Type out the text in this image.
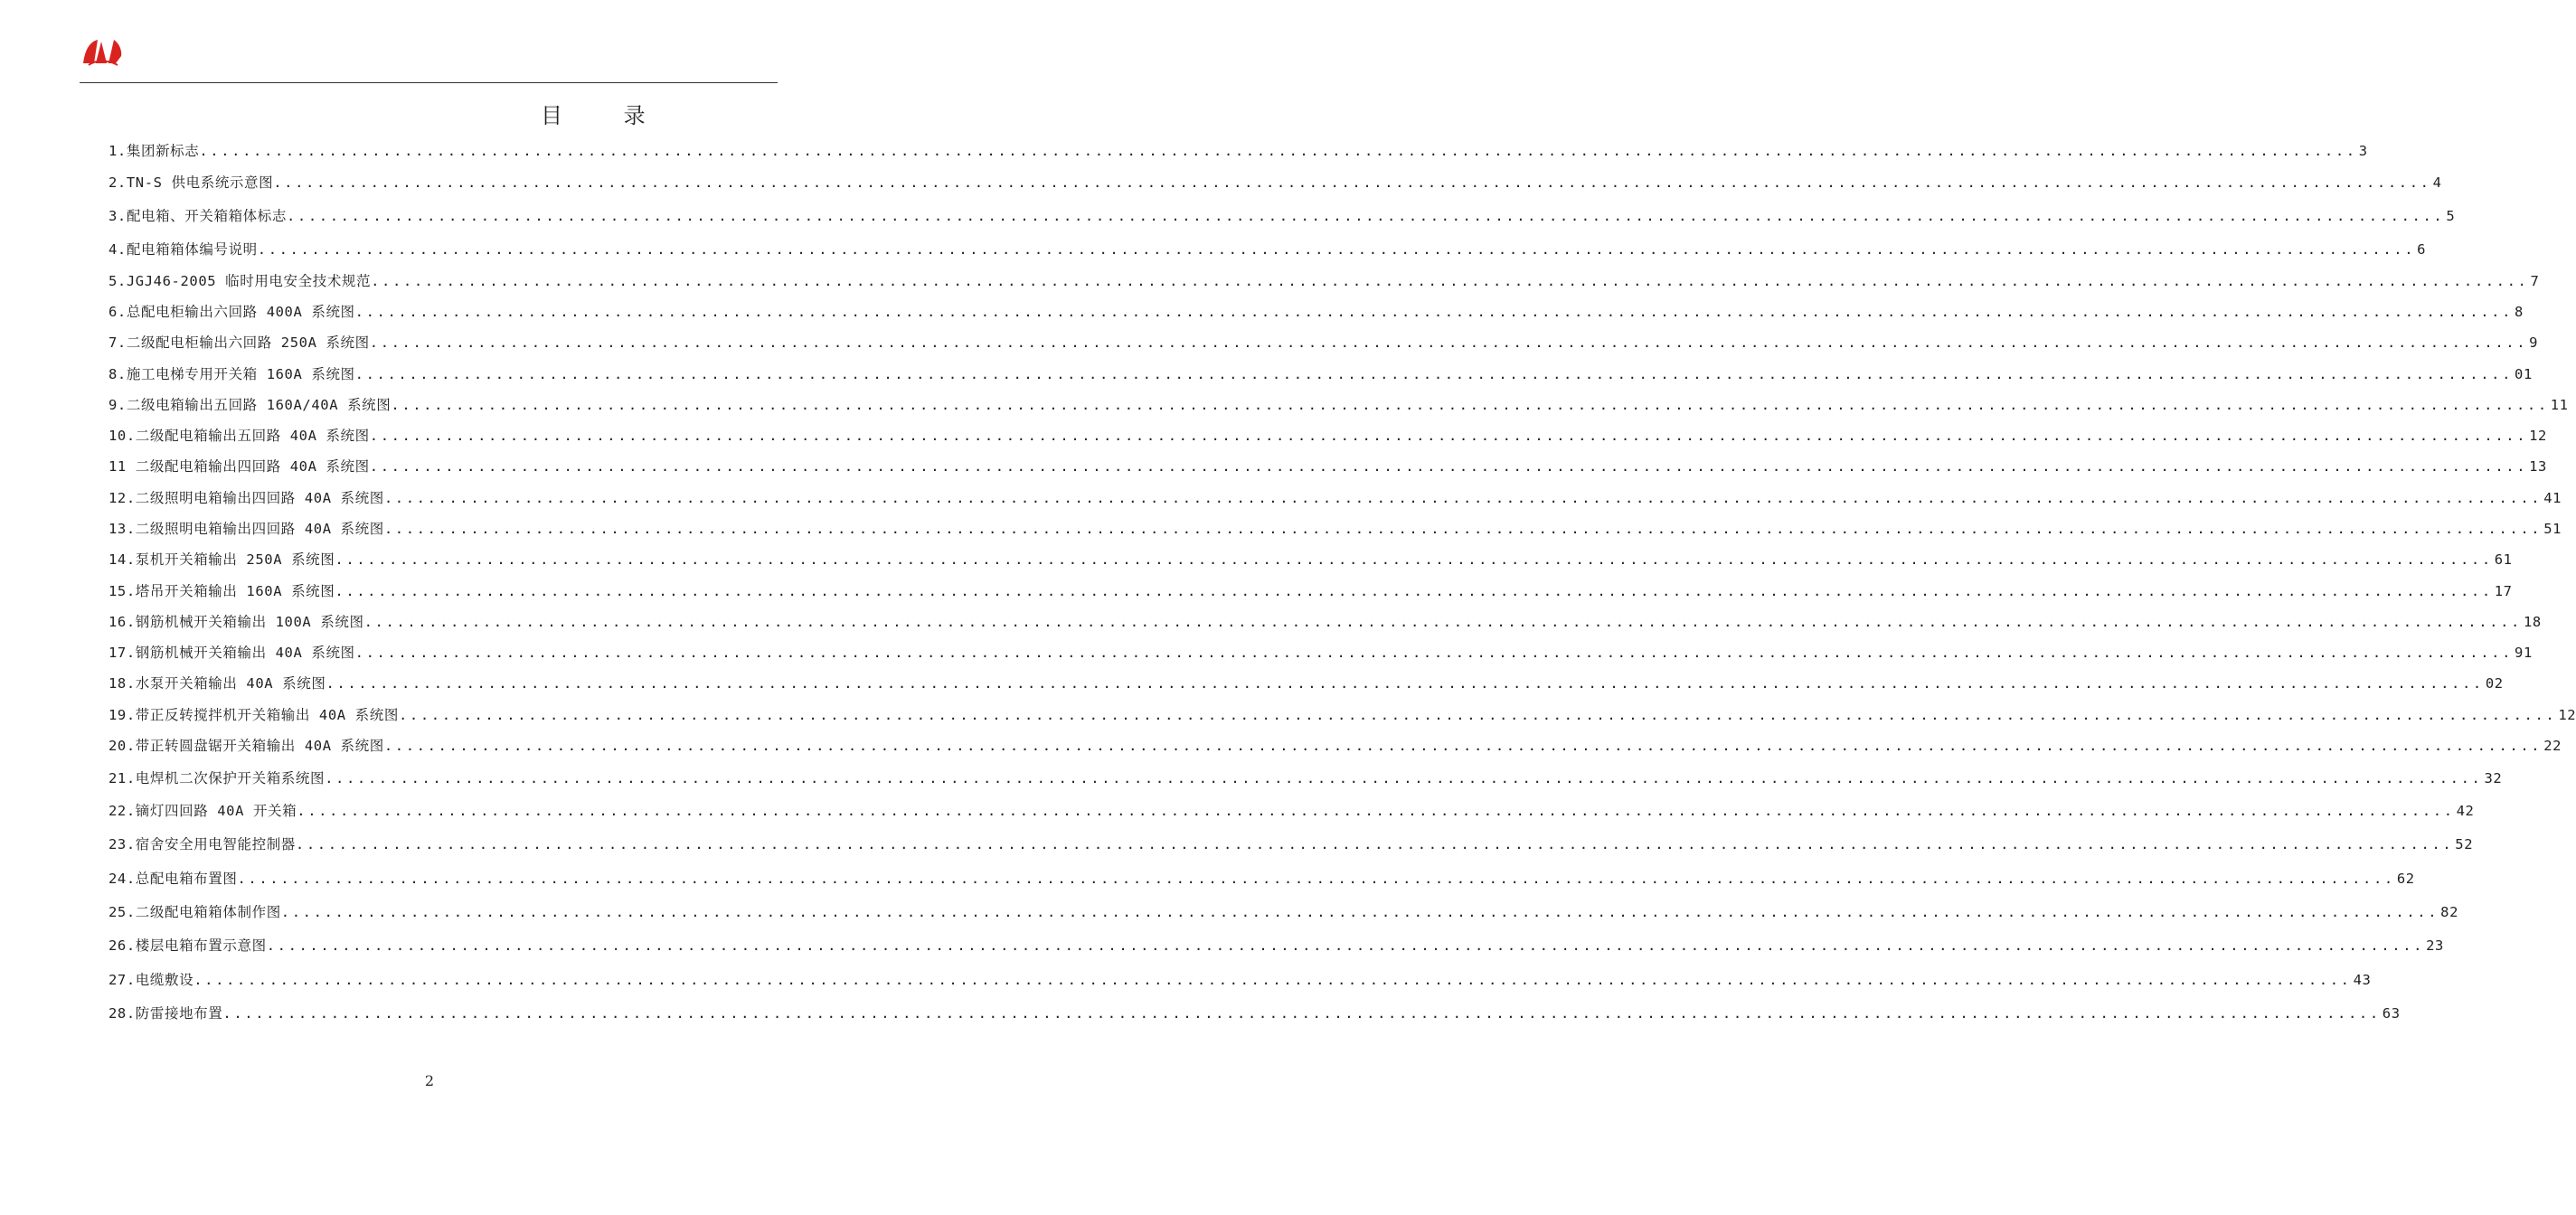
目 录
1.集团新标志 ........................................................................................................................................................................................................ 3
2.TN-S 供电系统示意图 ........................................................................................................................................................................................................ 4
3.配电箱、开关箱箱体标志 ........................................................................................................................................................................................................ 5
4.配电箱箱体编号说明 ........................................................................................................................................................................................................ 6
5.JGJ46-2005 临时用电安全技术规范 ........................................................................................................................................................................................................ 7
6.总配电柜输出六回路 400A 系统图 ........................................................................................................................................................................................................ 8
7.二级配电柜输出六回路 250A 系统图 ........................................................................................................................................................................................................ 9
8.施工电梯专用开关箱 160A 系统图 ........................................................................................................................................................................................................ 01
9.二级电箱输出五回路 160A/40A 系统图 ........................................................................................................................................................................................................ 11
10.二级配电箱输出五回路 40A 系统图 ........................................................................................................................................................................................................ 12
11 二级配电箱输出四回路 40A 系统图 ........................................................................................................................................................................................................ 13
12.二级照明电箱输出四回路 40A 系统图 ........................................................................................................................................................................................................ 41
13.二级照明电箱输出四回路 40A 系统图 ........................................................................................................................................................................................................ 51
14.泵机开关箱输出 250A 系统图 ........................................................................................................................................................................................................ 61
15.塔吊开关箱输出 160A 系统图 ........................................................................................................................................................................................................ 17
16.钢筋机械开关箱输出 100A 系统图 ........................................................................................................................................................................................................ 18
17.钢筋机械开关箱输出 40A 系统图 ........................................................................................................................................................................................................ 91
18.水泵开关箱输出 40A 系统图 ........................................................................................................................................................................................................ 02
19.带正反转搅拌机开关箱输出 40A 系统图 ........................................................................................................................................................................................................ 12
20.带正转圆盘锯开关箱输出 40A 系统图 ........................................................................................................................................................................................................ 22
21.电焊机二次保护开关箱系统图 ........................................................................................................................................................................................................ 32
22.镝灯四回路 40A 开关箱 ........................................................................................................................................................................................................ 42
23.宿舍安全用电智能控制器 ........................................................................................................................................................................................................ 52
24.总配电箱布置图 ........................................................................................................................................................................................................ 62
25.二级配电箱箱体制作图 ........................................................................................................................................................................................................ 82
26.楼层电箱布置示意图 ........................................................................................................................................................................................................ 23
27.电缆敷设 ........................................................................................................................................................................................................ 43
28.防雷接地布置 ........................................................................................................................................................................................................ 63
2
